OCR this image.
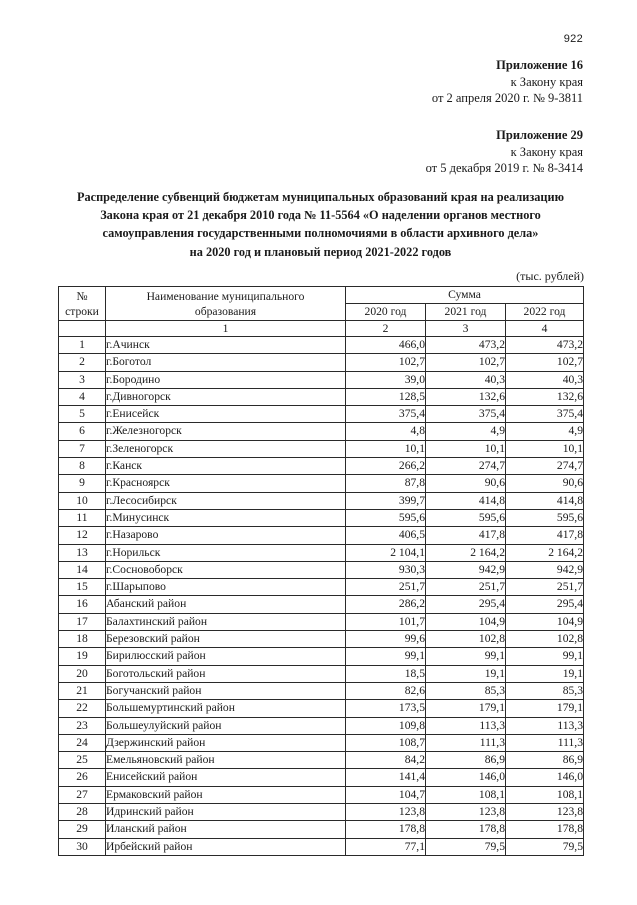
922
Приложение 16
к Закону края
от 2 апреля 2020 г. № 9-3811
Приложение 29
к Закону края
от 5 декабря 2019 г. № 8-3414
Распределение субвенций бюджетам муниципальных образований края на реализацию
Закона края от 21 декабря 2010 года № 11-5564 «О наделении органов местного
самоуправления государственными полномочиями в области архивного дела»
на 2020 год и плановый период 2021-2022 годов
(тыс. рублей)
№
строки

Наименование муниципального
образования
	Сумма
		2020 год	2021 год	2022 год
	1	2	3	4
1	г.Ачинск	466,0	473,2	473,2
2	г.Боготол	102,7	102,7	102,7
3	г.Бородино	39,0	40,3	40,3
4	г.Дивногорск	128,5	132,6	132,6
5	г.Енисейск	375,4	375,4	375,4
6	г.Железногорск	4,8	4,9	4,9
7	г.Зеленогорск	10,1	10,1	10,1
8	г.Канск	266,2	274,7	274,7
9	г.Красноярск	87,8	90,6	90,6
10	г.Лесосибирск	399,7	414,8	414,8
11	г.Минусинск	595,6	595,6	595,6
12	г.Назарово	406,5	417,8	417,8
13	г.Норильск	2 104,1	2 164,2	2 164,2
14	г.Сосновоборск	930,3	942,9	942,9
15	г.Шарыпово	251,7	251,7	251,7
16	Абанский район	286,2	295,4	295,4
17	Балахтинский район	101,7	104,9	104,9
18	Березовский район	99,6	102,8	102,8
19	Бирилюсский район	99,1	99,1	99,1
20	Боготольский район	18,5	19,1	19,1
21	Богучанский район	82,6	85,3	85,3
22	Большемуртинский район	173,5	179,1	179,1
23	Большеулуйский район	109,8	113,3	113,3
24	Дзержинский район	108,7	111,3	111,3
25	Емельяновский район	84,2	86,9	86,9
26	Енисейский район	141,4	146,0	146,0
27	Ермаковский район	104,7	108,1	108,1
28	Идринский район	123,8	123,8	123,8
29	Иланский район	178,8	178,8	178,8
30	Ирбейский район	77,1	79,5	79,5
